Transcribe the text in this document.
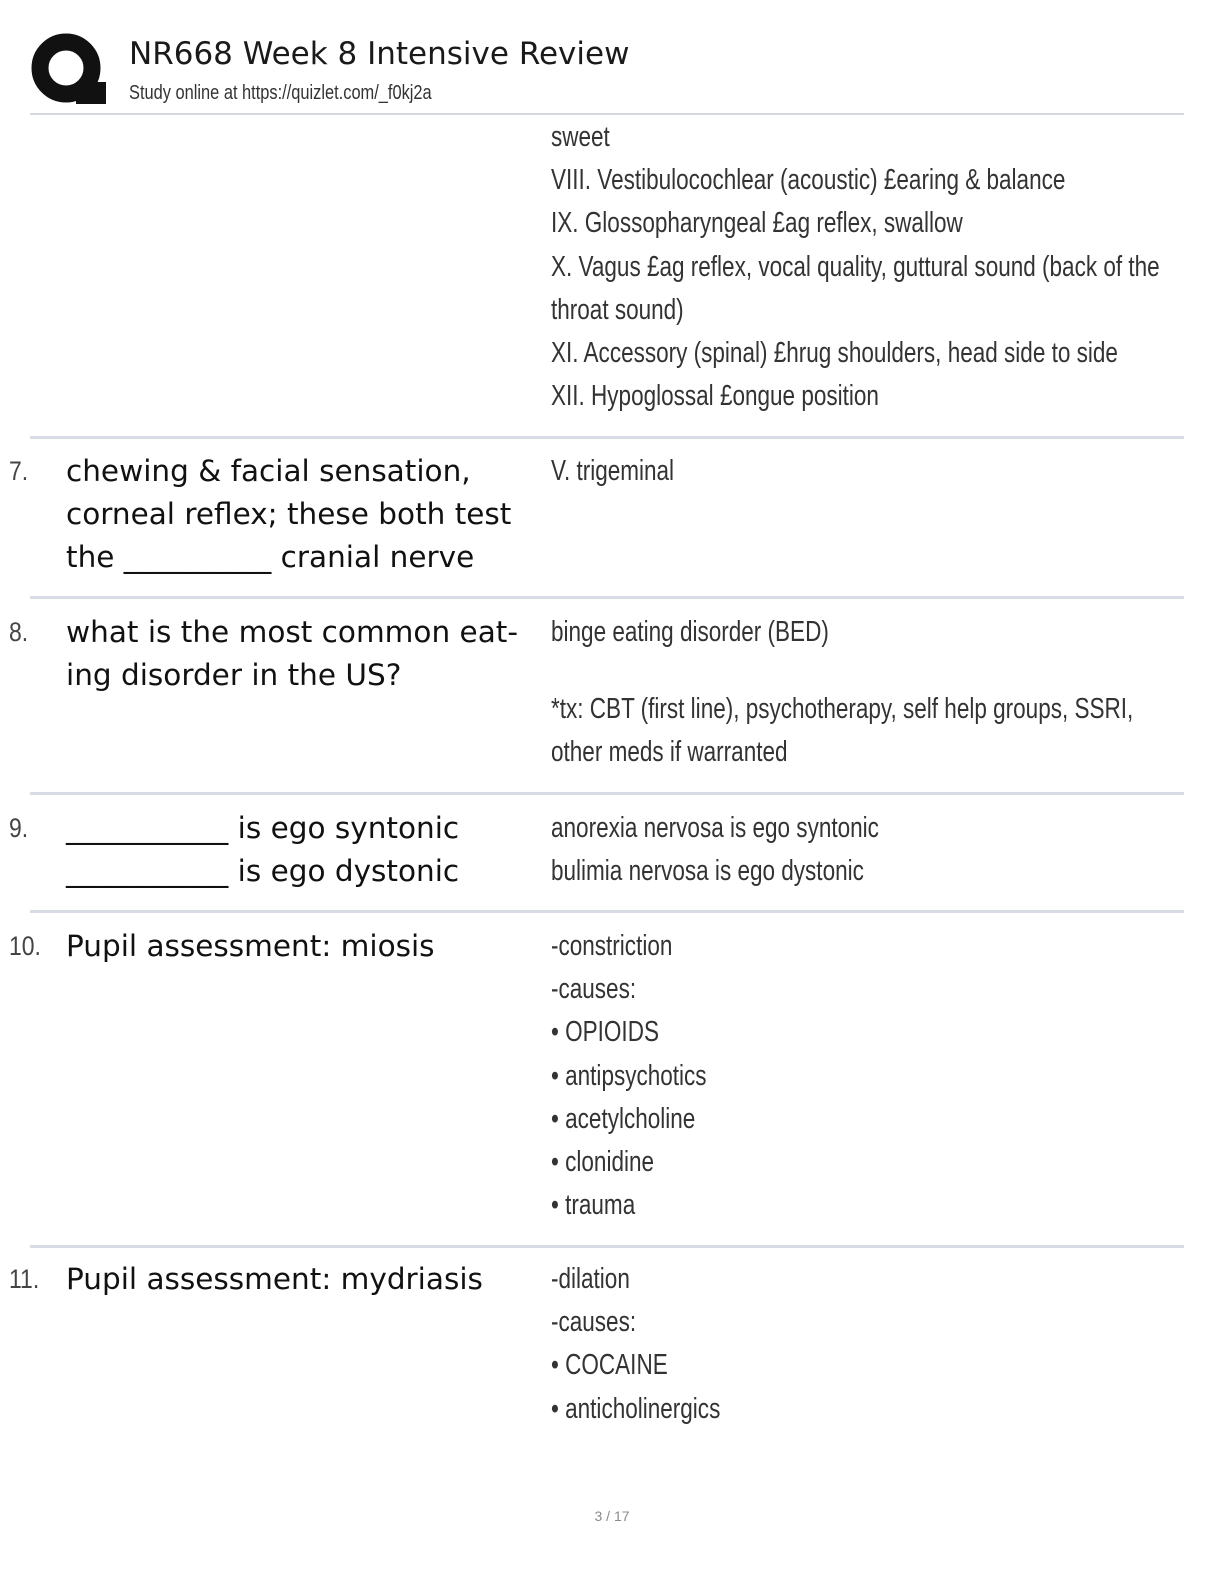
NR668 Week 8 Intensive Review
Study online at https://quizlet.com/_f0kj2a
sweet
VIII. Vestibulocochlear (acoustic) £earing & balance
IX. Glossopharyngeal £ag reflex, swallow
X. Vagus £ag reflex, vocal quality, guttural sound (back of the
throat sound)
XI. Accessory (spinal) £hrug shoulders, head side to side
XII. Hypoglossal £ongue position
7. chewing & facial sensation,
corneal reflex; these both test
the __________ cranial nerve
V. trigeminal
8. what is the most common eat-
ing disorder in the US?
binge eating disorder (BED)
*tx: CBT (first line), psychotherapy, self help groups, SSRI,
other meds if warranted
9. ___________ is ego syntonic
___________ is ego dystonic
anorexia nervosa is ego syntonic
bulimia nervosa is ego dystonic
10. Pupil assessment: miosis	-constriction
-causes:
• OPIOIDS
• antipsychotics
• acetylcholine
• clonidine
• trauma
11. Pupil assessment: mydriasis	-dilation
-causes:
• COCAINE
• anticholinergics
3 / 17
